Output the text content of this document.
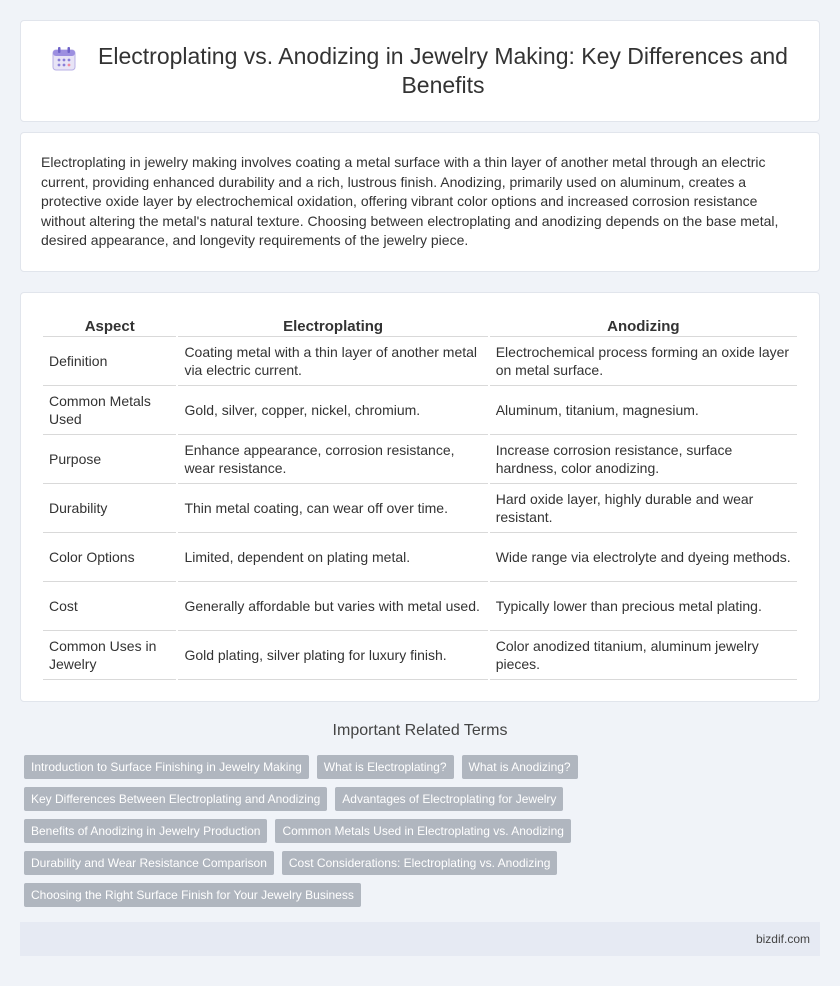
Electroplating vs. Anodizing in Jewelry Making: Key Differences and Benefits

Electroplating in jewelry making involves coating a metal surface with a thin layer of another metal through an electric current, providing enhanced durability and a rich, lustrous finish. Anodizing, primarily used on aluminum, creates a protective oxide layer by electrochemical oxidation, offering vibrant color options and increased corrosion resistance without altering the metal's natural texture. Choosing between electroplating and anodizing depends on the base metal, desired appearance, and longevity requirements of the jewelry piece.

Aspect	Electroplating	Anodizing
Definition	Coating metal with a thin layer of another metal via electric current.	Electrochemical process forming an oxide layer on metal surface.
Common Metals Used	Gold, silver, copper, nickel, chromium.	Aluminum, titanium, magnesium.
Purpose	Enhance appearance, corrosion resistance, wear resistance.	Increase corrosion resistance, surface hardness, color anodizing.
Durability	Thin metal coating, can wear off over time.	Hard oxide layer, highly durable and wear resistant.
Color Options	Limited, dependent on plating metal.	Wide range via electrolyte and dyeing methods.
Cost	Generally affordable but varies with metal used.	Typically lower than precious metal plating.
Common Uses in Jewelry	Gold plating, silver plating for luxury finish.	Color anodized titanium, aluminum jewelry pieces.
Important Related Terms
Introduction to Surface Finishing in Jewelry Making	What is Electroplating?	What is Anodizing?
Key Differences Between Electroplating and Anodizing	Advantages of Electroplating for Jewelry
Benefits of Anodizing in Jewelry Production	Common Metals Used in Electroplating vs. Anodizing
Durability and Wear Resistance Comparison	Cost Considerations: Electroplating vs. Anodizing
Choosing the Right Surface Finish for Your Jewelry Business
bizdif.com
